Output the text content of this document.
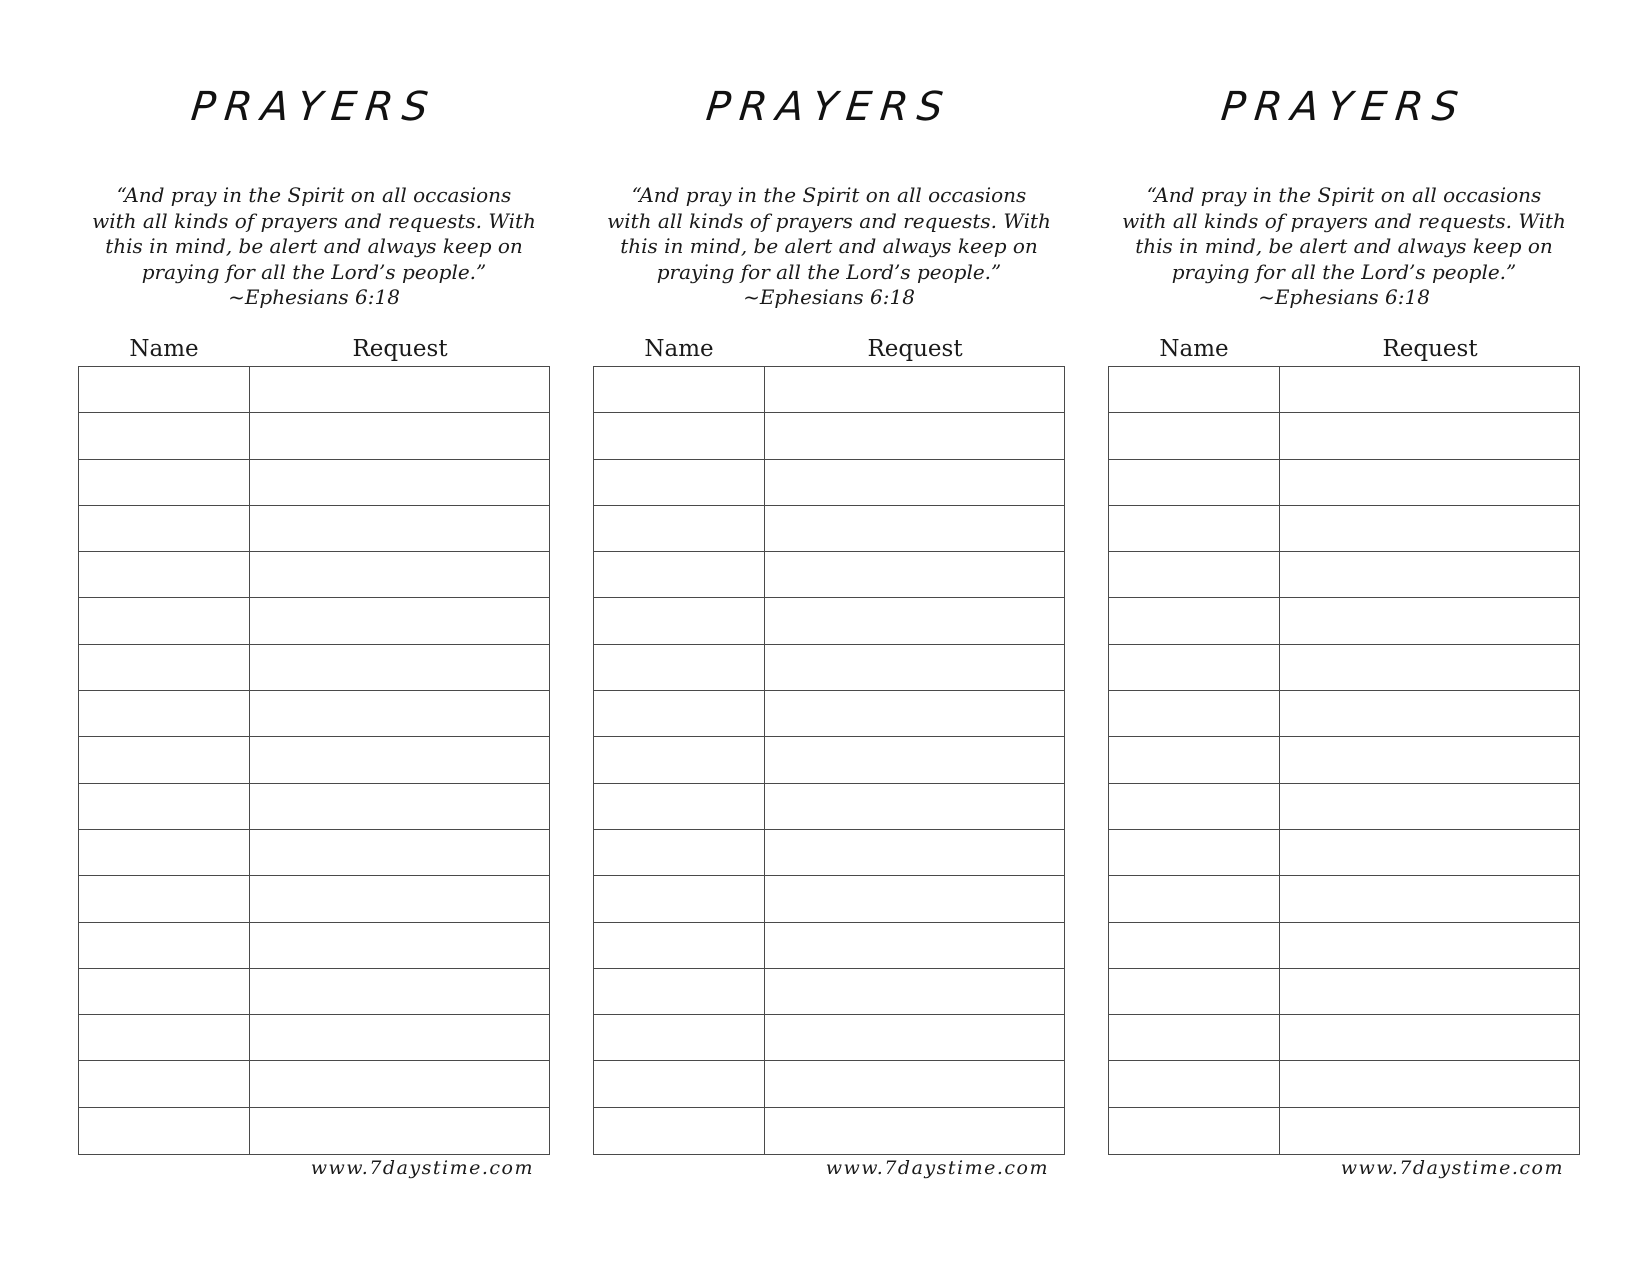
PRAYERS
“And pray in the Spirit on all occasions
with all kinds of prayers and requests. With
this in mind, be alert and always keep on
praying for all the Lord’s people.”
~Ephesians 6:18
Name	Request
www.7daystime.com
PRAYERS
“And pray in the Spirit on all occasions
with all kinds of prayers and requests. With
this in mind, be alert and always keep on
praying for all the Lord’s people.”
~Ephesians 6:18
Name	Request
www.7daystime.com
PRAYERS
“And pray in the Spirit on all occasions
with all kinds of prayers and requests. With
this in mind, be alert and always keep on
praying for all the Lord’s people.”
~Ephesians 6:18
Name	Request
www.7daystime.com
